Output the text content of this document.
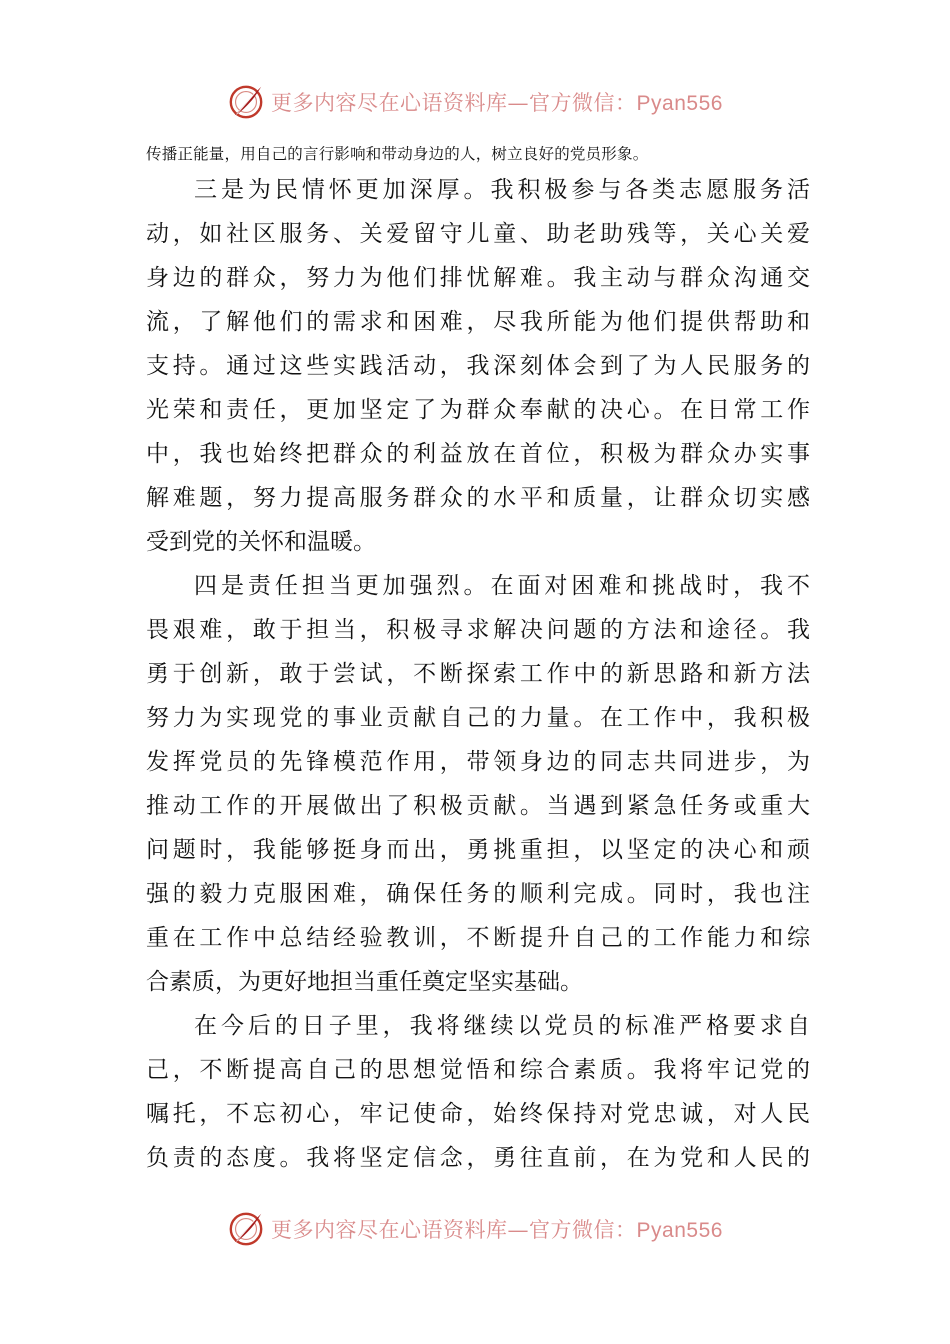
更多内容尽在心语资料库—官方微信：Pyan556
传播正能量，用自己的言行影响和带动身边的人，树立良好的党员形象。
三是为民情怀更加深厚。我积极参与各类志愿服务活
动，如社区服务、关爱留守儿童、助老助残等，关心关爱
身边的群众，努力为他们排忧解难。我主动与群众沟通交
流，了解他们的需求和困难，尽我所能为他们提供帮助和
支持。通过这些实践活动，我深刻体会到了为人民服务的
光荣和责任，更加坚定了为群众奉献的决心。在日常工作
中，我也始终把群众的利益放在首位，积极为群众办实事
解难题，努力提高服务群众的水平和质量，让群众切实感
受到党的关怀和温暖。
四是责任担当更加强烈。在面对困难和挑战时，我不
畏艰难，敢于担当，积极寻求解决问题的方法和途径。我
勇于创新，敢于尝试，不断探索工作中的新思路和新方法
努力为实现党的事业贡献自己的力量。在工作中，我积极
发挥党员的先锋模范作用，带领身边的同志共同进步，为
推动工作的开展做出了积极贡献。当遇到紧急任务或重大
问题时，我能够挺身而出，勇挑重担，以坚定的决心和顽
强的毅力克服困难，确保任务的顺利完成。同时，我也注
重在工作中总结经验教训，不断提升自己的工作能力和综
合素质，为更好地担当重任奠定坚实基础。
在今后的日子里，我将继续以党员的标准严格要求自
己，不断提高自己的思想觉悟和综合素质。我将牢记党的
嘱托，不忘初心，牢记使命，始终保持对党忠诚，对人民
负责的态度。我将坚定信念，勇往直前，在为党和人民的
更多内容尽在心语资料库—官方微信：Pyan556
